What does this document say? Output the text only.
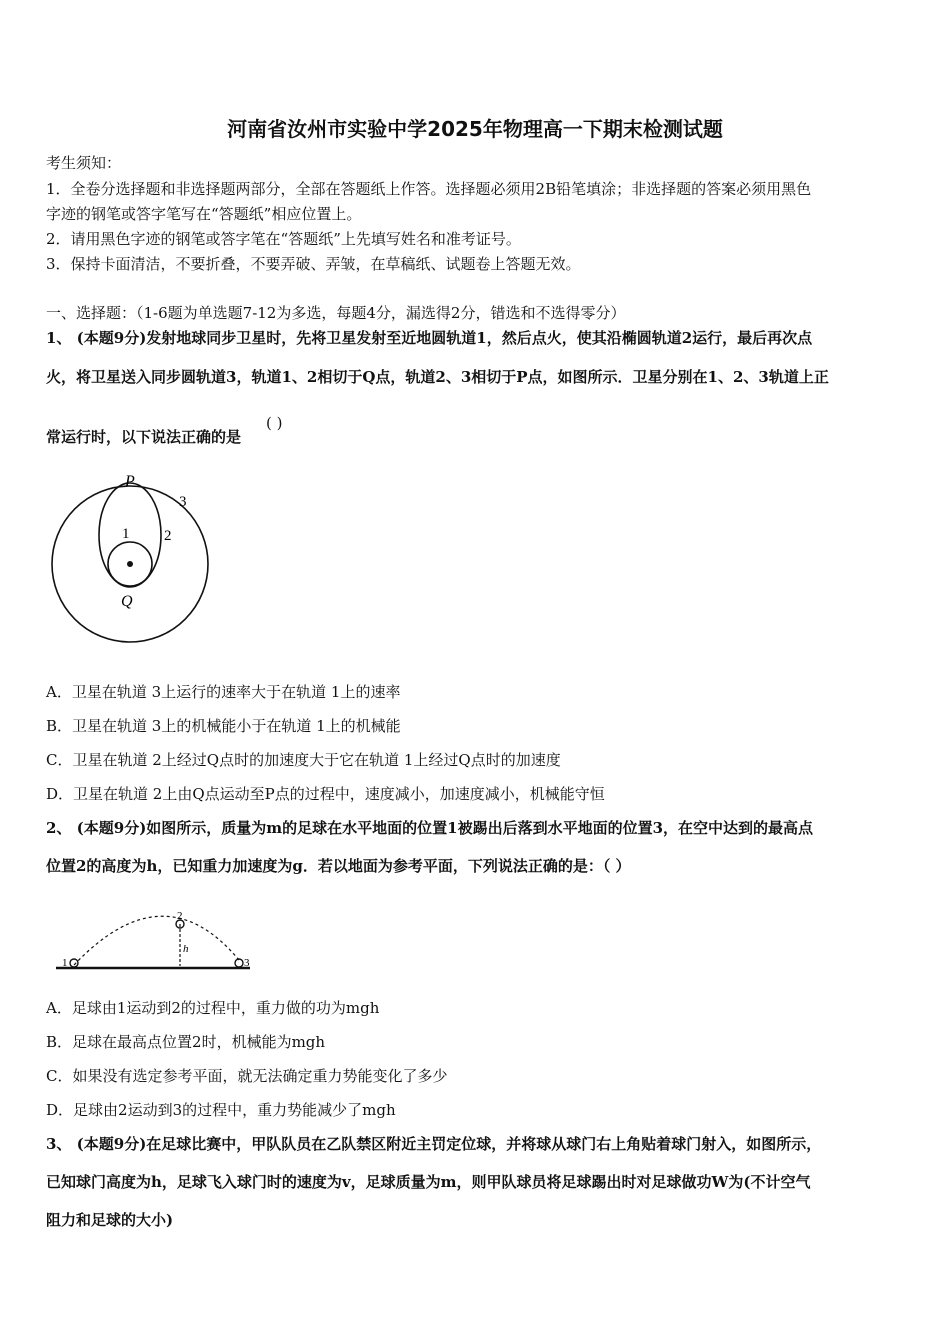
河南省汝州市实验中学2025年物理高一下期末检测试题
考生须知：
1．全卷分选择题和非选择题两部分，全部在答题纸上作答。选择题必须用2B铅笔填涂；非选择题的答案必须用黑色
字迹的钢笔或答字笔写在“答题纸”相应位置上。
2．请用黑色字迹的钢笔或答字笔在“答题纸”上先填写姓名和准考证号。
3．保持卡面清洁，不要折叠，不要弄破、弄皱，在草稿纸、试题卷上答题无效。
一、选择题：（1-6题为单选题7-12为多选，每题4分，漏选得2分，错选和不选得零分）
1、 (本题9分)发射地球同步卫星时，先将卫星发射至近地圆轨道1，然后点火，使其沿椭圆轨道2运行，最后再次点
火，将卫星送入同步圆轨道3，轨道1、2相切于Q点，轨道2、3相切于P点，如图所示．卫星分别在1、2、3轨道上正
常运行时，以下说法正确的是
( )
P
Q
1 2
3
A．卫星在轨道 3上运行的速率大于在轨道 1上的速率
B．卫星在轨道 3上的机械能小于在轨道 1上的机械能
C．卫星在轨道 2上经过Q点时的加速度大于它在轨道 1上经过Q点时的加速度
D．卫星在轨道 2上由Q点运动至P点的过程中，速度减小，加速度减小，机械能守恒
2、 (本题9分)如图所示，质量为m的足球在水平地面的位置1被踢出后落到水平地面的位置3，在空中达到的最高点
位置2的高度为h，已知重力加速度为g．若以地面为参考平面，下列说法正确的是：（ ）
1
2
3
h
A．足球由1运动到2的过程中，重力做的功为mgh
B．足球在最高点位置2时，机械能为mgh
C．如果没有选定参考平面，就无法确定重力势能变化了多少
D．足球由2运动到3的过程中，重力势能减少了mgh
3、 (本题9分)在足球比赛中，甲队队员在乙队禁区附近主罚定位球，并将球从球门右上角贴着球门射入，如图所示，
已知球门高度为h，足球飞入球门时的速度为v，足球质量为m，则甲队球员将足球踢出时对足球做功W为(不计空气
阻力和足球的大小)
